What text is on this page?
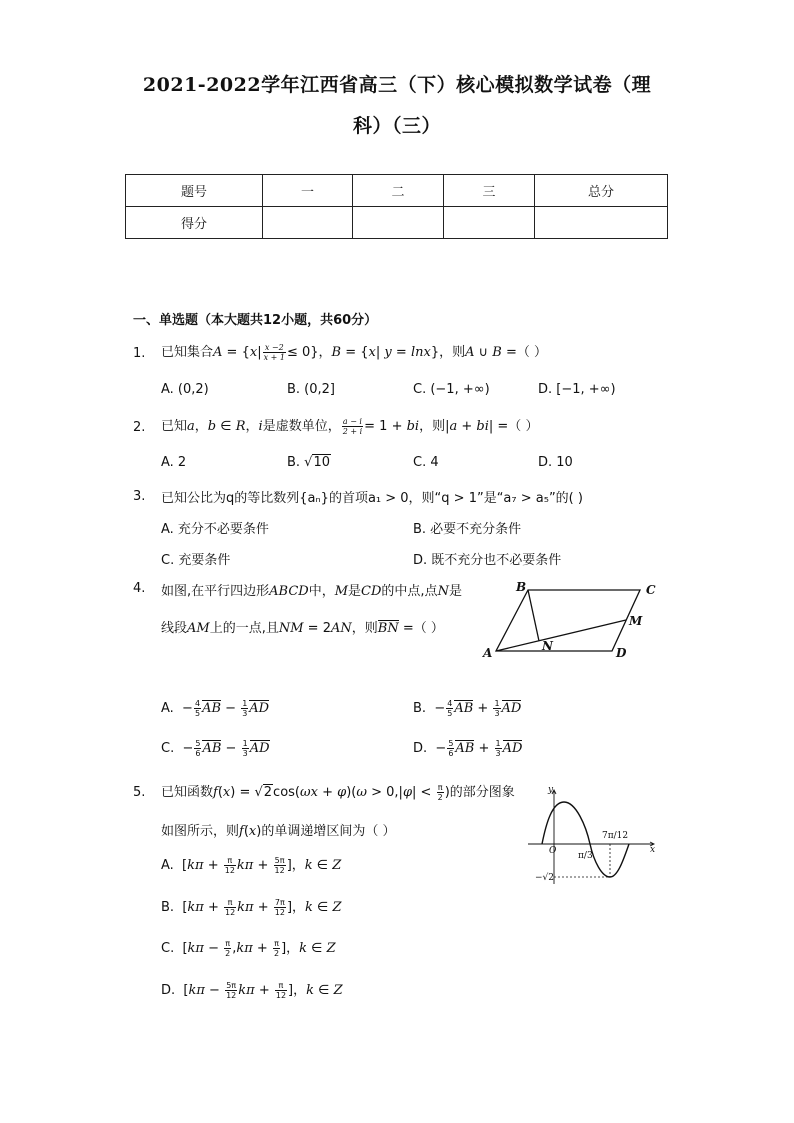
2021-2022学年江西省高三（下）核心模拟数学试卷（理
科）（三）
题号	一	二	三	总分
得分				
一、单选题（本大题共12小题，共60分）
1. 已知集合$A = \{x| \frac{x -2}{x + 1} \le 0\}$，B = {x| y = lnx}，则A ∪ B =（ ）
A. (0,2)	B. (0,2]	C. (−1, +∞)	D. [−1, +∞)
2. 已知a，b ∈ R，i是虚数单位， $\frac{a - i}{2 + i} = 1$ + bi，则|a + bi| =（ ）
A. 2	B. √10	C. 4	D. 10
3. 已知公比为q的等比数列{aₙ}的首项a₁ > 0，则“q > 1”是“a₇ > a₅”的( )
A. 充分不必要条件	B. 必要不充分条件
C. 充要条件	D. 既不充分也不必要条件
4. 如图,在平行四边形ABCD中，M是CD的中点,点N是
线段AM上的一点,且NM = 2AN，则BN =（ ）
B	C
M
A	N	D
A.  − $\frac{4}{5}$ AB − $\frac{1}{3}$ AD	B.  − $\frac{4}{5}$ AB + $\frac{1}{3}$ AD
C.  − $\frac{5}{6}$ AB − $\frac{1}{3}$ AD	D.  − $\frac{5}{6}$ AB + $\frac{1}{3}$ AD
5. 已知函数$f(x) = √2\cos(\omega x + \varphi)(\omega > 0,|\varphi| < \frac{\pi}{2}$ )的部分图象
如图所示，则f(x)的单调递增区间为（ ）
y
x
O
7π/12
π/3
−√2
A.  [$k\pi + \frac{\pi}{12}$ $k\pi + \frac{5\pi}{12}$ ]，k ∈ Z
B.  [$k\pi + \frac{\pi}{12}$ $k\pi + \frac{7\pi}{12}$ ]，k ∈ Z
C.  [$k\pi - \frac{\pi}{2} ,k\pi + \frac{\pi}{2}$ ]，k ∈ Z
D.  [$k\pi - \frac{5\pi}{12}$ $k\pi + \frac{\pi}{12}$ ]，k ∈ Z
